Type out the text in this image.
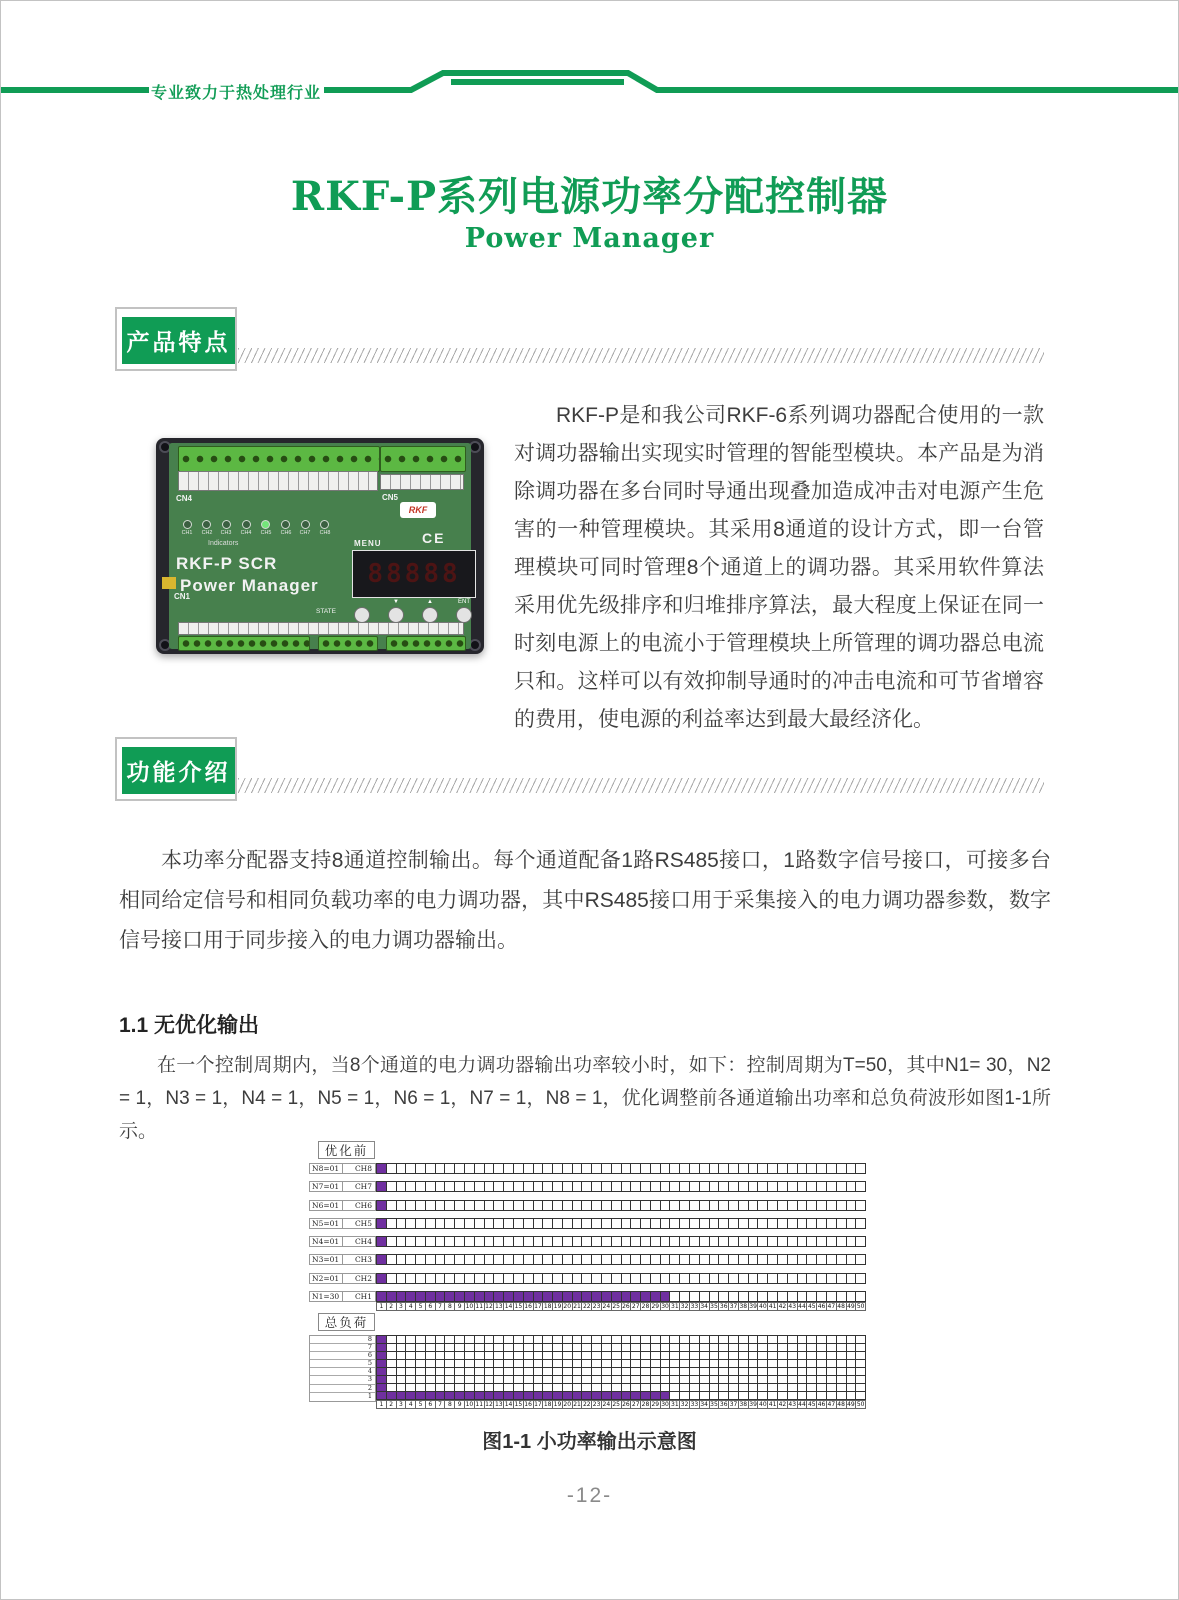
专业致力于热处理行业
RKF-P系列电源功率分配控制器
Power Manager
产品特点
CN4	CN5
CH1 CH2 CH3 CH4 CH5 CH6 CH7 CH8
Indicators
RKF
CE
RKF-P SCR
Power Manager
MENU
88888
▼	▲	ENT
STATE
CN1
RKF-P是和我公司RKF-6系列调功器配合使用的一款对调功器输出实现实时管理的智能型模块。本产品是为消除调功器在多台同时导通出现叠加造成冲击对电源产生危害的一种管理模块。其采用8通道的设计方式，即一台管理模块可同时管理8个通道上的调功器。其采用软件算法采用优先级排序和归堆排序算法，最大程度上保证在同一时刻电源上的电流小于管理模块上所管理的调功器总电流只和。这样可以有效抑制导通时的冲击电流和可节省增容的费用，使电源的利益率达到最大最经济化。
功能介绍
本功率分配器支持8通道控制输出。每个通道配备1路RS485接口，1路数字信号接口，可接多台相同给定信号和相同负载功率的电力调功器，其中RS485接口用于采集接入的电力调功器参数，数字信号接口用于同步接入的电力调功器输出。
1.1 无优化输出
在一个控制周期内，当8个通道的电力调功器输出功率较小时，如下：控制周期为T=50，其中N1= 30，N2 = 1，N3 = 1，N4 = 1，N5 = 1，N6 = 1，N7 = 1，N8 = 1，优化调整前各通道输出功率和总负荷波形如图1-1所示。
优化前
N8=01	CH8
N7=01	CH7
N6=01	CH6
N5=01	CH5
N4=01	CH4
N3=01	CH3
N2=01	CH2
N1=30	CH1
1 2 3 4 5 6 7 8 9 10 11 12 13 14 15 16 17 18 19 20 21 22 23 24 25 26 27 28 29 30 31 32 33 34 35 36 37 38 39 40 41 42 43 44 45 46 47 48 49 50
总负荷
8
7
6
5
4
3
2
1
1 2 3 4 5 6 7 8 9 10 11 12 13 14 15 16 17 18 19 20 21 22 23 24 25 26 27 28 29 30 31 32 33 34 35 36 37 38 39 40 41 42 43 44 45 46 47 48 49 50
图1-1 小功率输出示意图
-12-
